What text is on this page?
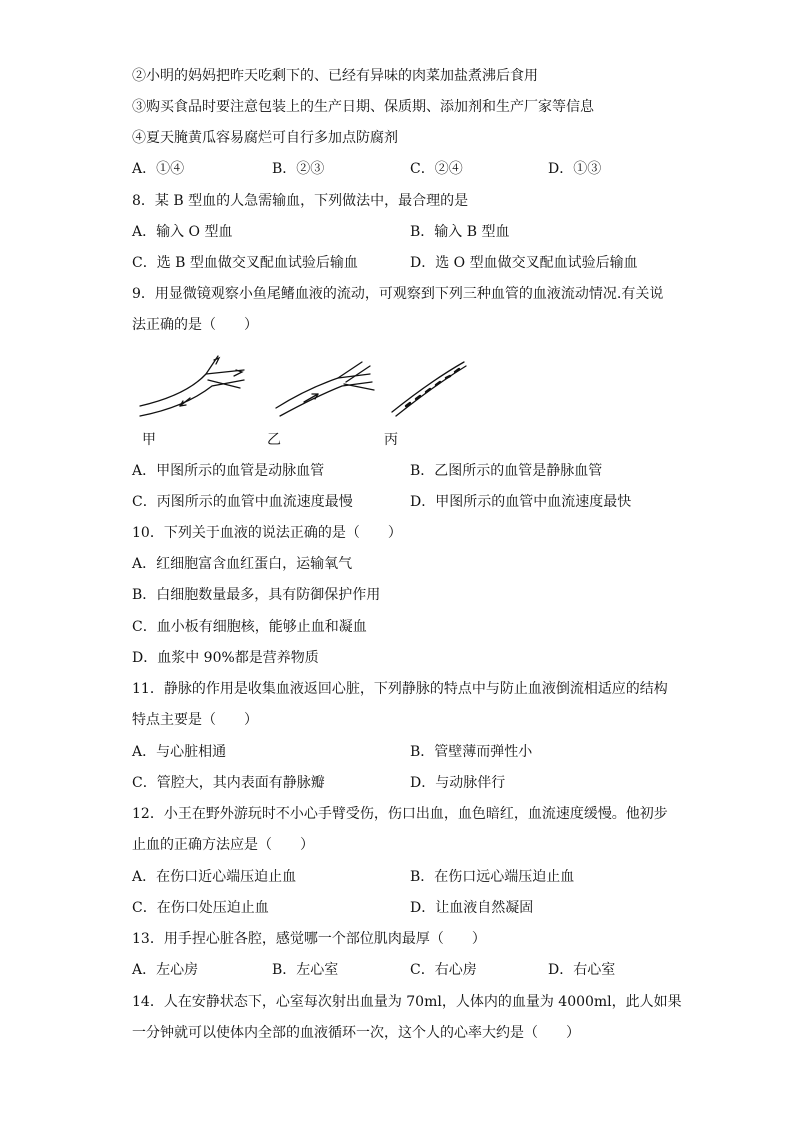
②小明的妈妈把昨天吃剩下的、已经有异味的肉菜加盐煮沸后食用
③购买食品时要注意包装上的生产日期、保质期、添加剂和生产厂家等信息
④夏天腌黄瓜容易腐烂可自行多加点防腐剂
A．①④	B．②③	C．②④	D．①③
8．某 B 型血的人急需输血，下列做法中，最合理的是
A．输入 O 型血	B．输入 B 型血
C．选 B 型血做交叉配血试验后输血	D．选 O 型血做交叉配血试验后输血
9．用显微镜观察小鱼尾鳍血液的流动，可观察到下列三种血管的血液流动情况.有关说
法正确的是（　　）
甲	乙	丙
A．甲图所示的血管是动脉血管	B．乙图所示的血管是静脉血管
C．丙图所示的血管中血流速度最慢	D．甲图所示的血管中血流速度最快
10．下列关于血液的说法正确的是（　　）
A．红细胞富含血红蛋白，运输氧气
B．白细胞数量最多，具有防御保护作用
C．血小板有细胞核，能够止血和凝血
D．血浆中 90%都是营养物质
11．静脉的作用是收集血液返回心脏，下列静脉的特点中与防止血液倒流相适应的结构
特点主要是（　　）
A．与心脏相通	B．管壁薄而弹性小
C．管腔大，其内表面有静脉瓣	D．与动脉伴行
12．小王在野外游玩时不小心手臂受伤，伤口出血，血色暗红，血流速度缓慢。他初步
止血的正确方法应是（　　）
A．在伤口近心端压迫止血	B．在伤口远心端压迫止血
C．在伤口处压迫止血	D．让血液自然凝固
13．用手捏心脏各腔，感觉哪一个部位肌肉最厚（　　）
A．左心房	B．左心室	C．右心房	D．右心室
14．人在安静状态下，心室每次射出血量为 70ml，人体内的血量为 4000ml，此人如果
一分钟就可以使体内全部的血液循环一次，这个人的心率大约是（　　）
